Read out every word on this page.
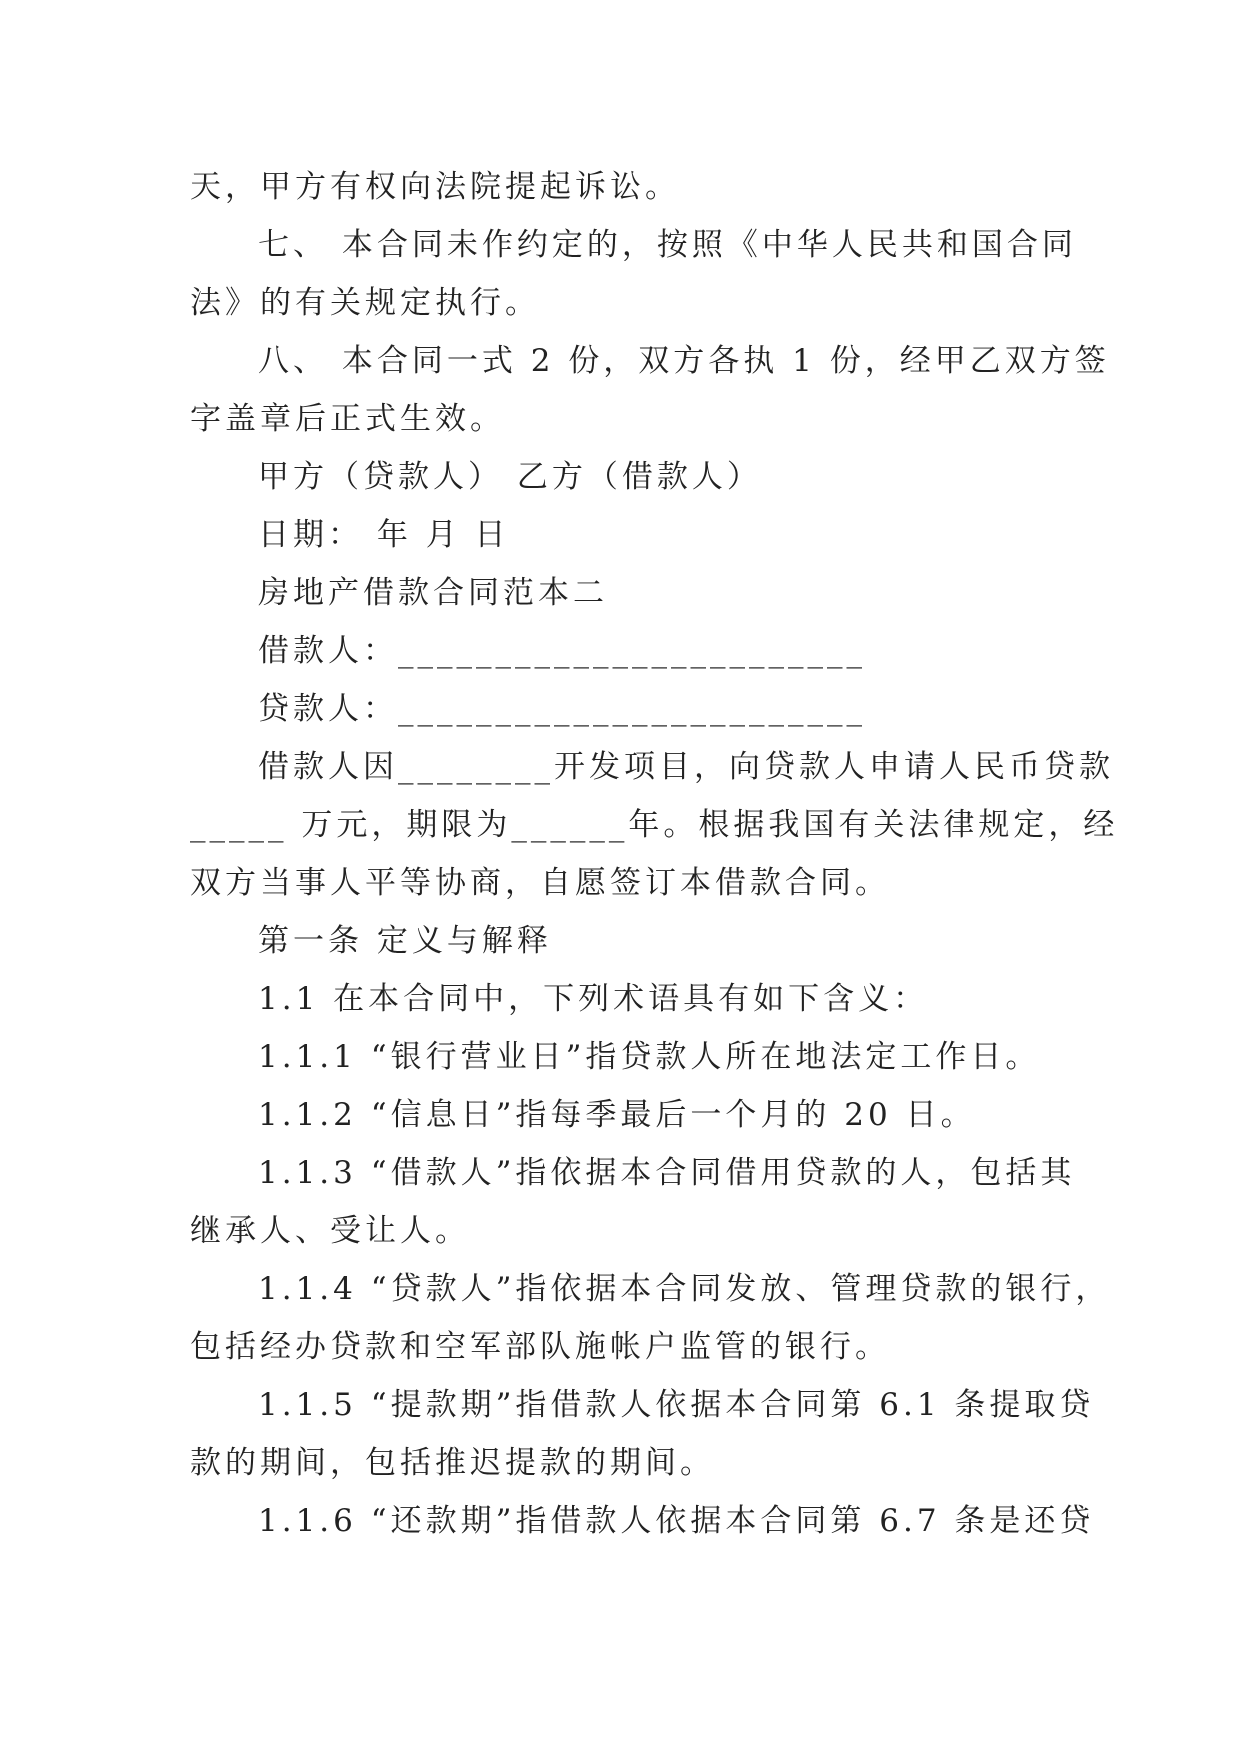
天，甲方有权向法院提起诉讼。
七、 本合同未作约定的，按照《中华人民共和国合同
法》的有关规定执行。
八、 本合同一式 2 份，双方各执 1 份，经甲乙双方签
字盖章后正式生效。
甲方（贷款人） 乙方（借款人）
日期： 年 月 日
房地产借款合同范本二
借款人：________________________
贷款人：________________________
借款人因________开发项目，向贷款人申请人民币贷款
_____ 万元，期限为______年。根据我国有关法律规定，经
双方当事人平等协商，自愿签订本借款合同。
第一条 定义与解释
1.1 在本合同中，下列术语具有如下含义：
1.1.1 “银行营业日”指贷款人所在地法定工作日。
1.1.2 “信息日”指每季最后一个月的 20 日。
1.1.3 “借款人”指依据本合同借用贷款的人，包括其
继承人、受让人。
1.1.4 “贷款人”指依据本合同发放、管理贷款的银行，
包括经办贷款和空军部队施帐户监管的银行。
1.1.5 “提款期”指借款人依据本合同第 6.1 条提取贷
款的期间，包括推迟提款的期间。
1.1.6 “还款期”指借款人依据本合同第 6.7 条是还贷
